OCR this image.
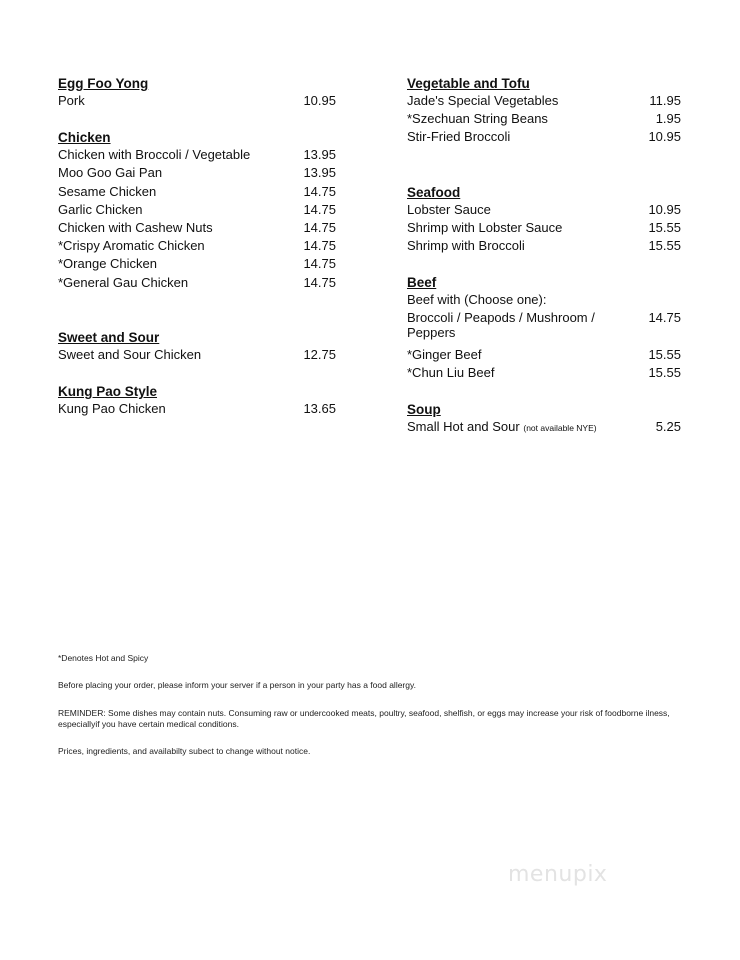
Egg Foo Yong
Pork	10.95
Chicken
Chicken with Broccoli / Vegetable	13.95
Moo Goo Gai Pan	13.95
Sesame Chicken	14.75
Garlic Chicken	14.75
Chicken with Cashew Nuts	14.75
*Crispy Aromatic Chicken	14.75
*Orange Chicken	14.75
*General Gau Chicken	14.75
Sweet and Sour
Sweet and Sour Chicken	12.75
Kung Pao Style
Kung Pao Chicken	13.65
Vegetable and Tofu
Jade's Special Vegetables	11.95
*Szechuan String Beans	1.95
Stir-Fried Broccoli	10.95
Seafood
Lobster Sauce	10.95
Shrimp with Lobster Sauce	15.55
Shrimp with Broccoli	15.55
Beef
Beef with (Choose one):
Broccoli / Peapods / Mushroom / Peppers
14.75
*Ginger Beef	15.55
*Chun Liu Beef	15.55
Soup
Small Hot and Sour (not available NYE)	5.25
*Denotes Hot and Spicy
Before placing your order, please inform your server if a person in your party has a food allergy.
REMINDER: Some dishes may contain nuts. Consuming raw or undercooked meats, poultry, seafood, shelfish, or eggs may increase your risk of foodborne ilness, especiallyif you have certain medical conditions.
Prices, ingredients, and availabilty subect to change without notice.
menupix
